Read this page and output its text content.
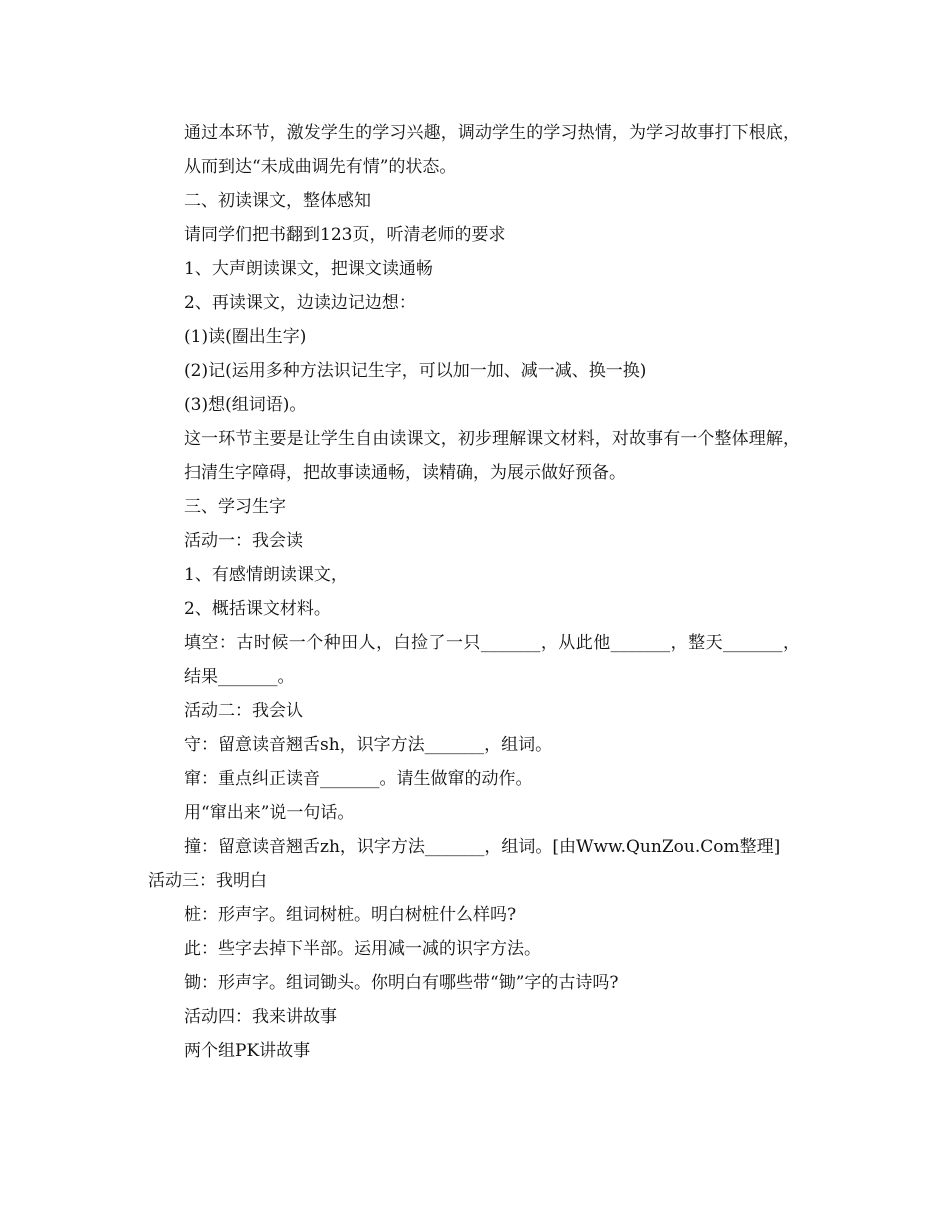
通过本环节，激发学生的学习兴趣，调动学生的学习热情，为学习故事打下根底，从而到达“未成曲调先有情”的状态。

二、初读课文，整体感知

请同学们把书翻到123页，听清老师的要求

1、大声朗读课文，把课文读通畅

2、再读课文，边读边记边想：

(1)读(圈出生字)

(2)记(运用多种方法识记生字，可以加一加、减一减、换一换)

(3)想(组词语)。

这一环节主要是让学生自由读课文，初步理解课文材料，对故事有一个整体理解，扫清生字障碍，把故事读通畅，读精确，为展示做好预备。

三、学习生字

活动一：我会读

1、有感情朗读课文，

2、概括课文材料。

填空：古时候一个种田人，白捡了一只_______，从此他_______，整天_______，结果_______。

活动二：我会认

守：留意读音翘舌sh，识字方法_______，组词。

窜：重点纠正读音_______。请生做窜的动作。

用“窜出来”说一句话。

撞：留意读音翘舌zh，识字方法_______，组词。[由Www.QunZou.Com整理]

活动三：我明白

桩：形声字。组词树桩。明白树桩什么样吗?

此：些字去掉下半部。运用减一减的识字方法。

锄：形声字。组词锄头。你明白有哪些带“锄”字的古诗吗?

活动四：我来讲故事

两个组PK讲故事
